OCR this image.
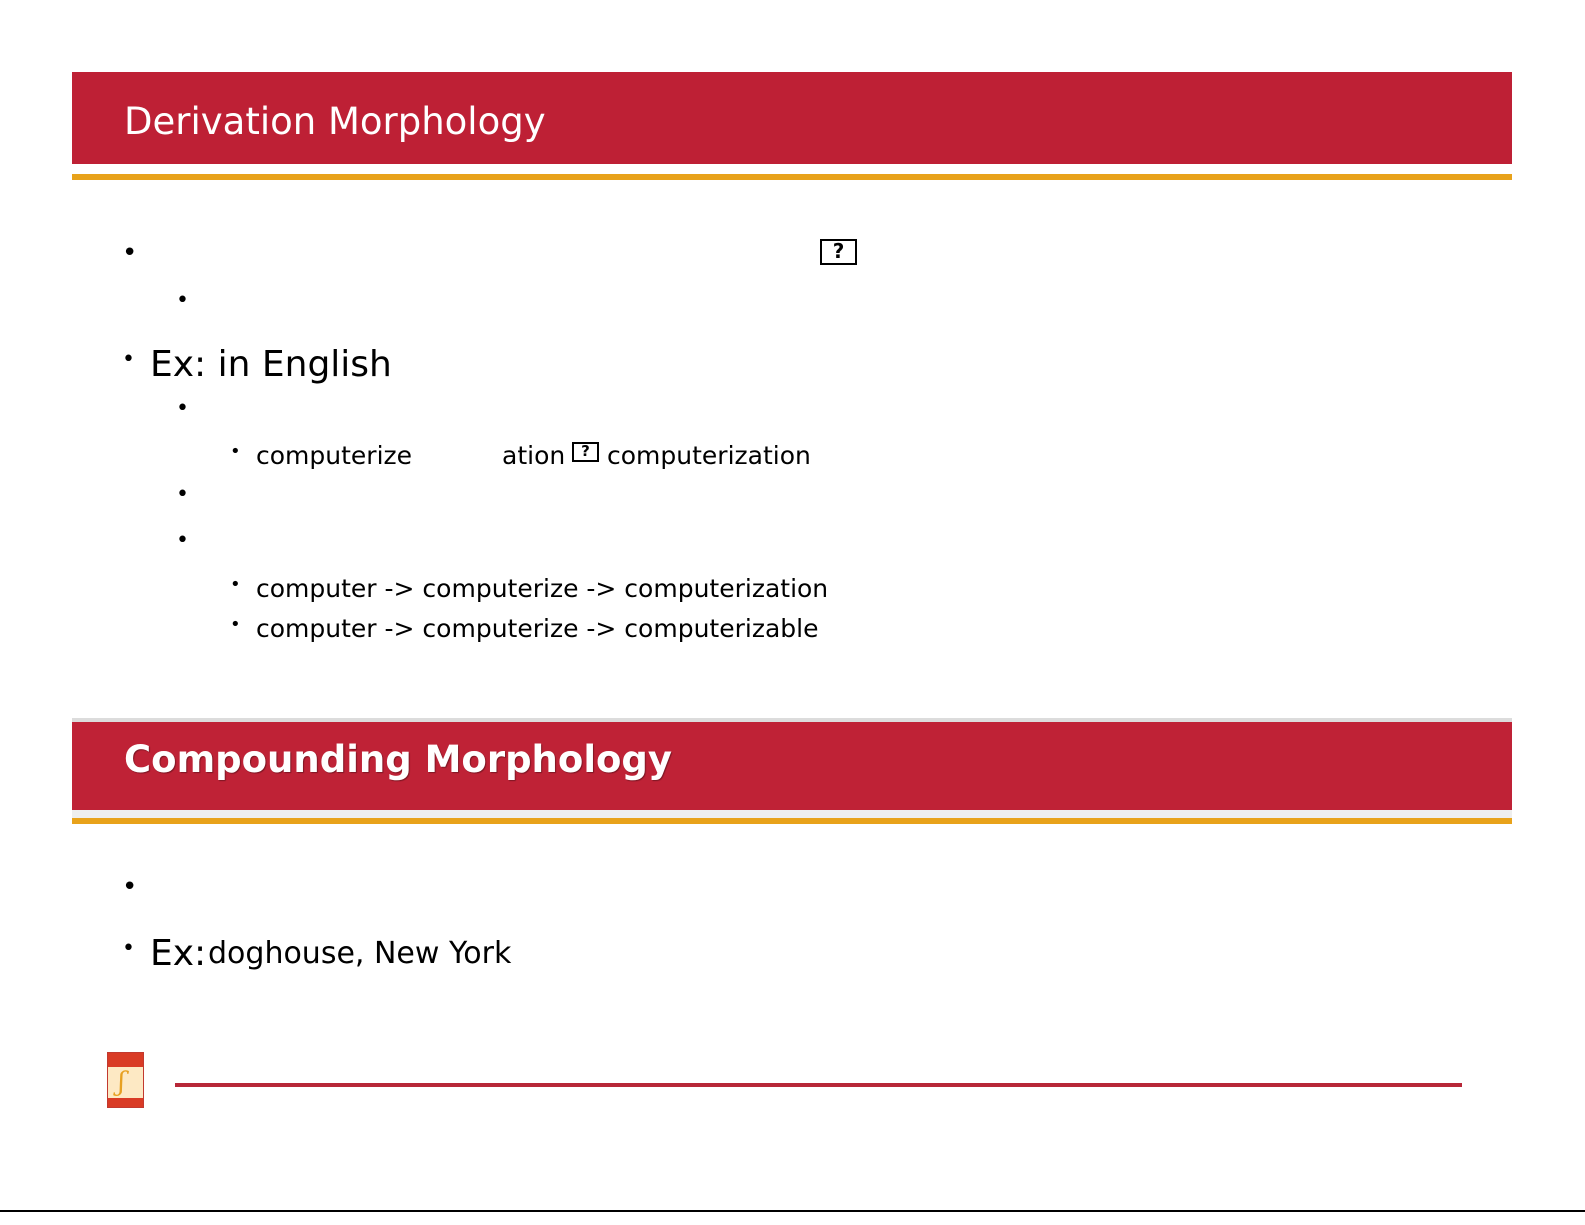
Derivation Morphology
•	?
•
• Ex: in English
•
• computerize	ation	? computerization
•
•
• computer -> computerize -> computerization
• computer -> computerize -> computerizable
Compounding Morphology
•
• Ex: doghouse, New York
ʃ
